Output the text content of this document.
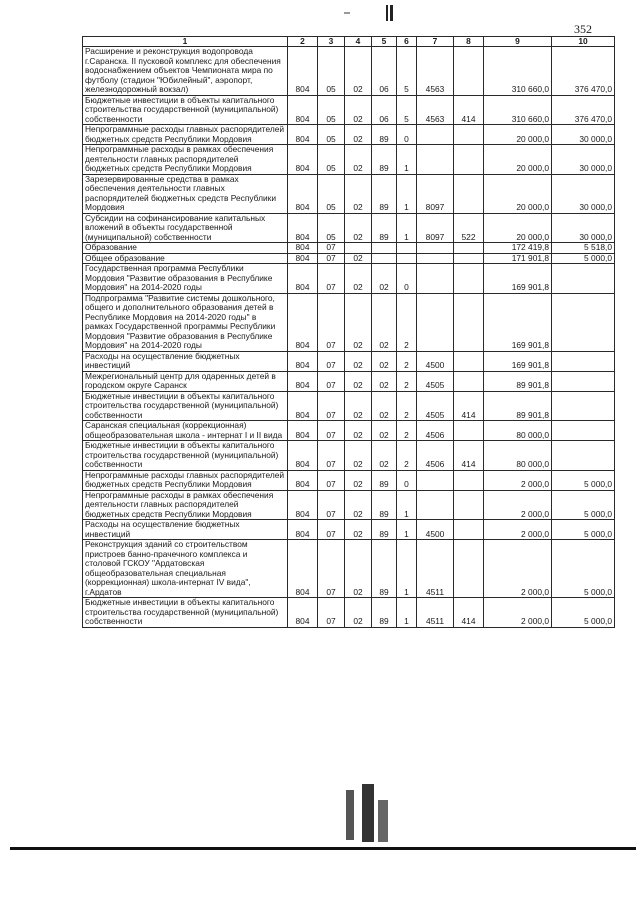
352
1	2	3	4	5	6	7	8	9	10
Расширение и реконструкция водопровода г.Саранска. II пусковой комплекс для обеспечения водоснабжением объектов Чемпионата мира по футболу (стадион "Юбилейный", аэропорт, железнодорожный вокзал)	804	05	02	06	5	4563		310 660,0	376 470,0
Бюджетные инвестиции в объекты капитального строительства государственной (муниципальной) собственности	804	05	02	06	5	4563	414	310 660,0	376 470,0
Непрограммные расходы главных распорядителей бюджетных средств Республики Мордовия	804	05	02	89	0			20 000,0	30 000,0
Непрограммные расходы в рамках обеспечения деятельности главных распорядителей бюджетных средств Республики Мордовия	804	05	02	89	1			20 000,0	30 000,0
Зарезервированные средства в рамках обеспечения деятельности главных распорядителей бюджетных средств Республики Мордовия	804	05	02	89	1	8097		20 000,0	30 000,0
Субсидии на софинансирование капитальных вложений в объекты государственной (муниципальной) собственности	804	05	02	89	1	8097	522	20 000,0	30 000,0
Образование	804	07						172 419,8	5 518,0
Общее образование	804	07	02					171 901,8	5 000,0
Государственная программа Республики Мордовия "Развитие образования в Республике Мордовия" на 2014-2020 годы	804	07	02	02	0			169 901,8	
Подпрограмма "Развитие системы дошкольного, общего и дополнительного образования детей в Республике Мордовия на 2014-2020 годы" в рамках Государственной программы Республики Мордовия "Развитие образования в Республике Мордовия" на 2014-2020 годы	804	07	02	02	2			169 901,8	
Расходы на осуществление бюджетных инвестиций	804	07	02	02	2	4500		169 901,8	
Межрегиональный центр для одаренных детей в городском округе Саранск	804	07	02	02	2	4505		89 901,8	
Бюджетные инвестиции в объекты капитального строительства государственной (муниципальной) собственности	804	07	02	02	2	4505	414	89 901,8	
Саранская специальная (коррекционная) общеобразовательная школа - интернат I и II вида	804	07	02	02	2	4506		80 000,0	
Бюджетные инвестиции в объекты капитального строительства государственной (муниципальной) собственности	804	07	02	02	2	4506	414	80 000,0	
Непрограммные расходы главных распорядителей бюджетных средств Республики Мордовия	804	07	02	89	0			2 000,0	5 000,0
Непрограммные расходы в рамках обеспечения деятельности главных распорядителей бюджетных средств Республики Мордовия	804	07	02	89	1			2 000,0	5 000,0
Расходы на осуществление бюджетных инвестиций	804	07	02	89	1	4500		2 000,0	5 000,0
Реконструкция зданий со строительством пристроев банно-прачечного комплекса и столовой ГСКОУ "Ардатовская общеобразовательная специальная (коррекционная) школа-интернат IV вида", г.Ардатов	804	07	02	89	1	4511		2 000,0	5 000,0
Бюджетные инвестиции в объекты капитального строительства государственной (муниципальной) собственности	804	07	02	89	1	4511	414	2 000,0	5 000,0
